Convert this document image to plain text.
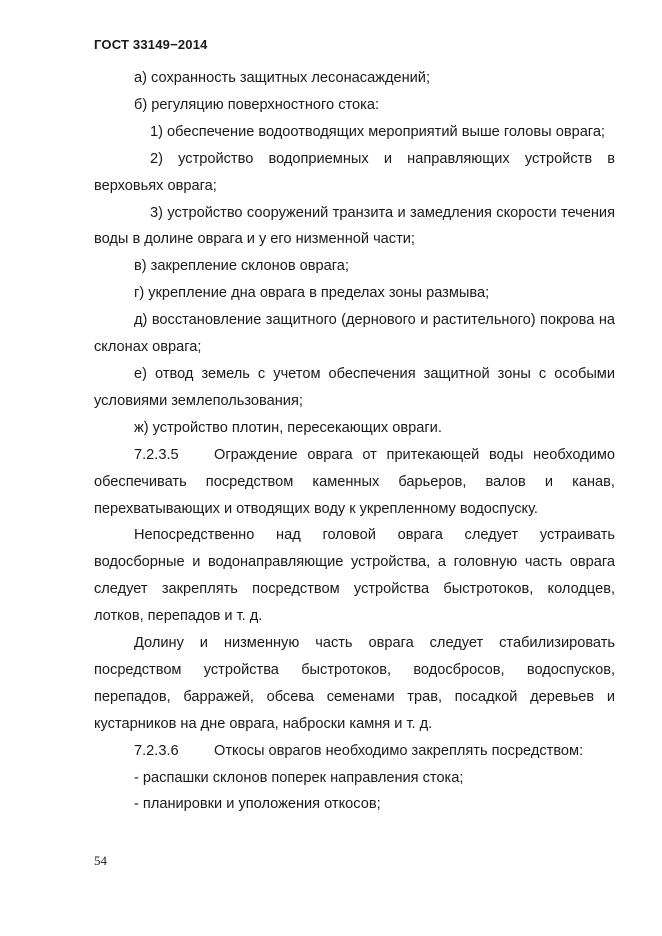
ГОСТ 33149−2014

а) сохранность защитных лесонасаждений;

б) регуляцию поверхностного стока:

1) обеспечение водоотводящих мероприятий выше головы оврага;

2) устройство водоприемных и направляющих устройств в верховьях оврага;

3) устройство сооружений транзита и замедления скорости течения воды в долине оврага и у его низменной части;

в) закрепление склонов оврага;

г) укрепление дна оврага в пределах зоны размыва;

д) восстановление защитного (дернового и растительного) покрова на склонах оврага;

е) отвод земель с учетом обеспечения защитной зоны с особыми условиями землепользования;

ж) устройство плотин, пересекающих овраги.

7.2.3.5 Ограждение оврага от притекающей воды необходимо обеспечивать посредством каменных барьеров, валов и канав, перехватывающих и отводящих воду к укрепленному водоспуску.

Непосредственно над головой оврага следует устраивать водосборные и водонаправляющие устройства, а головную часть оврага следует закреплять посредством устройства быстротоков, колодцев, лотков, перепадов и т. д.

Долину и низменную часть оврага следует стабилизировать посредством устройства быстротоков, водосбросов, водоспусков, перепадов, барражей, обсева семенами трав, посадкой деревьев и кустарников на дне оврага, наброски камня и т. д.

7.2.3.6 Откосы оврагов необходимо закреплять посредством:

- распашки склонов поперек направления стока;

- планировки и уположения откосов;

54
